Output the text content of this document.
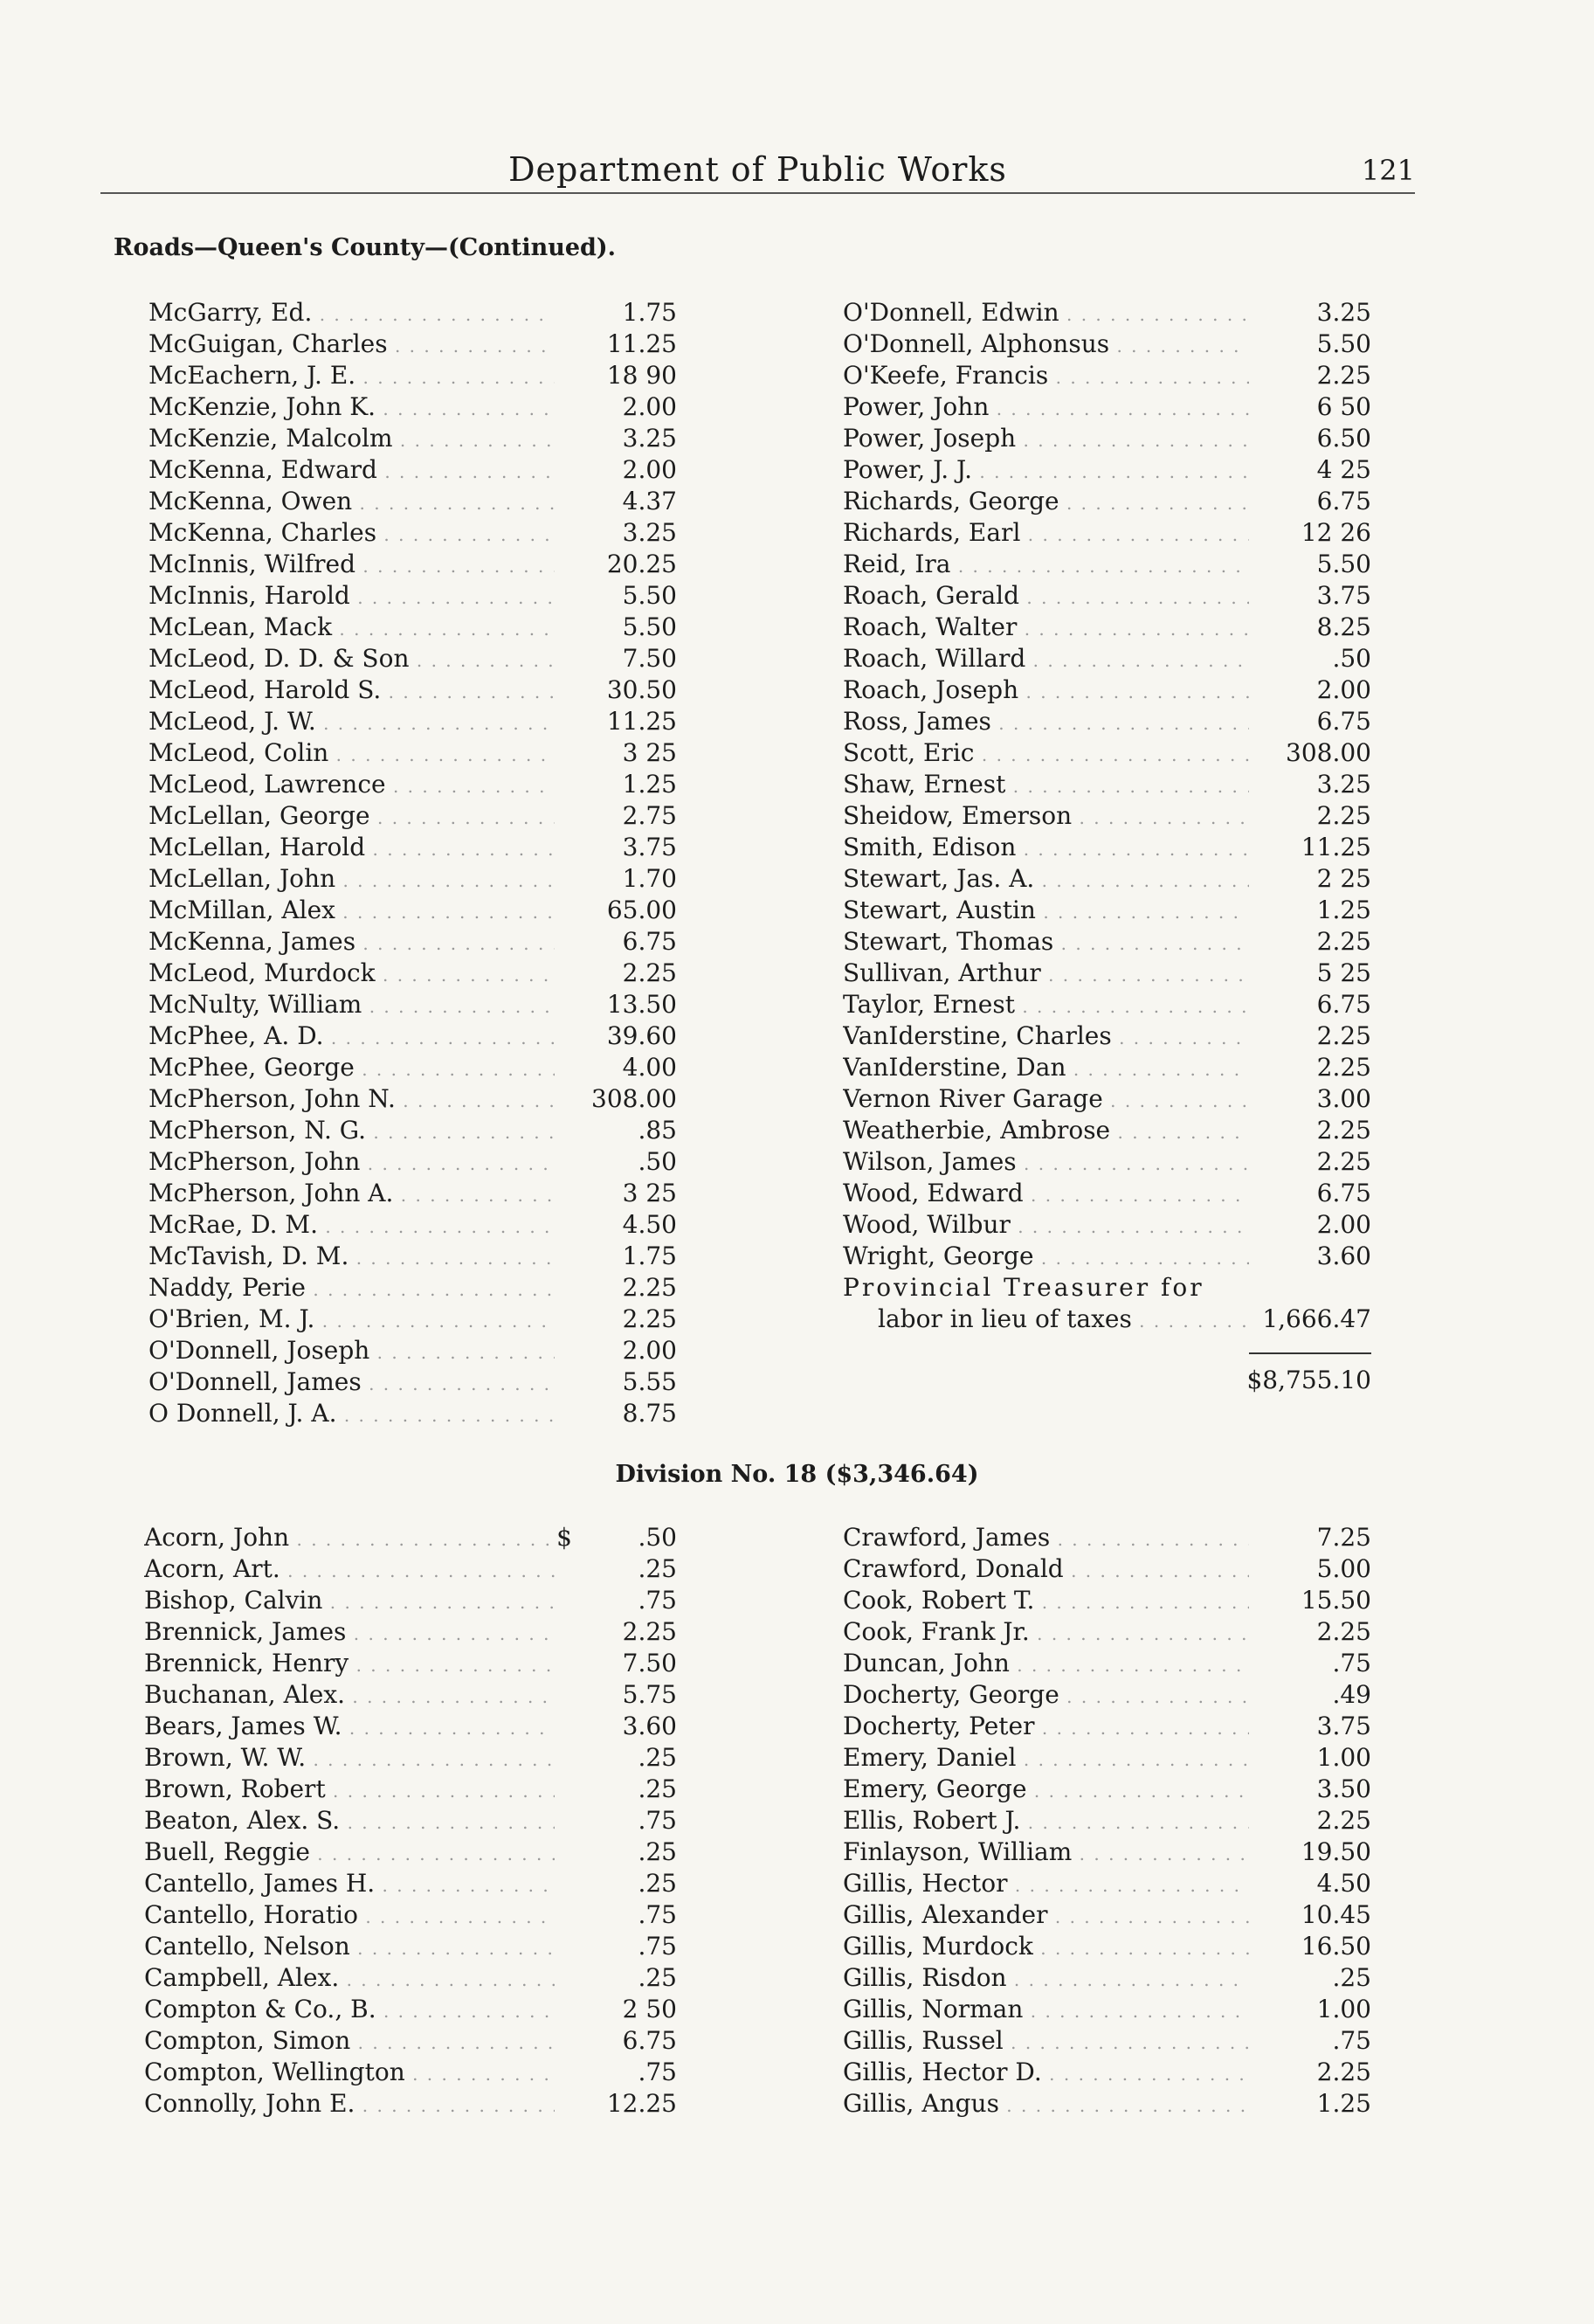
Department of Public Works	121
Roads—Queen's County—(Continued).
McGarry, Ed. . . .	1.75
McGuigan, Charles . . .	11.25
McEachern, J. E. . . .	18 90
McKenzie, John K. . . .	2.00
McKenzie, Malcolm . . .	3.25
McKenna, Edward . . .	2.00
McKenna, Owen . . .	4.37
McKenna, Charles . . .	3.25
McInnis, Wilfred . . .	20.25
McInnis, Harold . . .	5.50
McLean, Mack . . .	5.50
McLeod, D. D. & Son . . .	7.50
McLeod, Harold S. . . .	30.50
McLeod, J. W. . . .	11.25
McLeod, Colin . . .	3 25
McLeod, Lawrence . . .	1.25
McLellan, George . . .	2.75
McLellan, Harold . . .	3.75
McLellan, John . . .	1.70
McMillan, Alex . . .	65.00
McKenna, James . . .	6.75
McLeod, Murdock . . .	2.25
McNulty, William . . .	13.50
McPhee, A. D. . . .	39.60
McPhee, George . . .	4.00
McPherson, John N. . . .	308.00
McPherson, N. G. . . .	.85
McPherson, John . . .	.50
McPherson, John A. . . .	3 25
McRae, D. M. . . .	4.50
McTavish, D. M. . . .	1.75
Naddy, Perie . . .	2.25
O'Brien, M. J. . . .	2.25
O'Donnell, Joseph . . .	2.00
O'Donnell, James . . .	5.55
O Donnell, J. A. . . .	8.75
O'Donnell, Edwin . . .	3.25
O'Donnell, Alphonsus . . .	5.50
O'Keefe, Francis . . .	2.25
Power, John . . .	6 50
Power, Joseph . . .	6.50
Power, J. J. . . .	4 25
Richards, George . . .	6.75
Richards, Earl . . .	12 26
Reid, Ira . . .	5.50
Roach, Gerald . . .	3.75
Roach, Walter . . .	8.25
Roach, Willard . . .	.50
Roach, Joseph . . .	2.00
Ross, James . . .	6.75
Scott, Eric . . .	308.00
Shaw, Ernest . . .	3.25
Sheidow, Emerson . . .	2.25
Smith, Edison . . .	11.25
Stewart, Jas. A. . . .	2 25
Stewart, Austin . . .	1.25
Stewart, Thomas . . .	2.25
Sullivan, Arthur . . .	5 25
Taylor, Ernest . . .	6.75
VanIderstine, Charles . . .	2.25
VanIderstine, Dan . . .	2.25
Vernon River Garage . . .	3.00
Weatherbie, Ambrose . . .	2.25
Wilson, James . . .	2.25
Wood, Edward . . .	6.75
Wood, Wilbur . . .	2.00
Wright, George . . .	3.60
Provincial Treasurer for
labor in lieu of taxes . . .	1,666.47
$8,755.10
Division No. 18 ($3,346.64)
Acorn, John . . .	$	.50
Acorn, Art. . . .	.25
Bishop, Calvin . . .	.75
Brennick, James . . .	2.25
Brennick, Henry . . .	7.50
Buchanan, Alex. . . .	5.75
Bears, James W. . . .	3.60
Brown, W. W. . . .	.25
Brown, Robert . . .	.25
Beaton, Alex. S. . . .	.75
Buell, Reggie . . .	.25
Cantello, James H. . . .	.25
Cantello, Horatio . . .	.75
Cantello, Nelson . . .	.75
Campbell, Alex. . . .	.25
Compton & Co., B. . . .	2 50
Compton, Simon . . .	6.75
Compton, Wellington . . .	.75
Connolly, John E. . . .	12.25
Crawford, James . . .	7.25
Crawford, Donald . . .	5.00
Cook, Robert T. . . .	15.50
Cook, Frank Jr. . . .	2.25
Duncan, John . . .	.75
Docherty, George . . .	.49
Docherty, Peter . . .	3.75
Emery, Daniel . . .	1.00
Emery, George . . .	3.50
Ellis, Robert J. . . .	2.25
Finlayson, William . . .	19.50
Gillis, Hector . . .	4.50
Gillis, Alexander . . .	10.45
Gillis, Murdock . . .	16.50
Gillis, Risdon . . .	.25
Gillis, Norman . . .	1.00
Gillis, Russel . . .	.75
Gillis, Hector D. . . .	2.25
Gillis, Angus . . .	1.25
